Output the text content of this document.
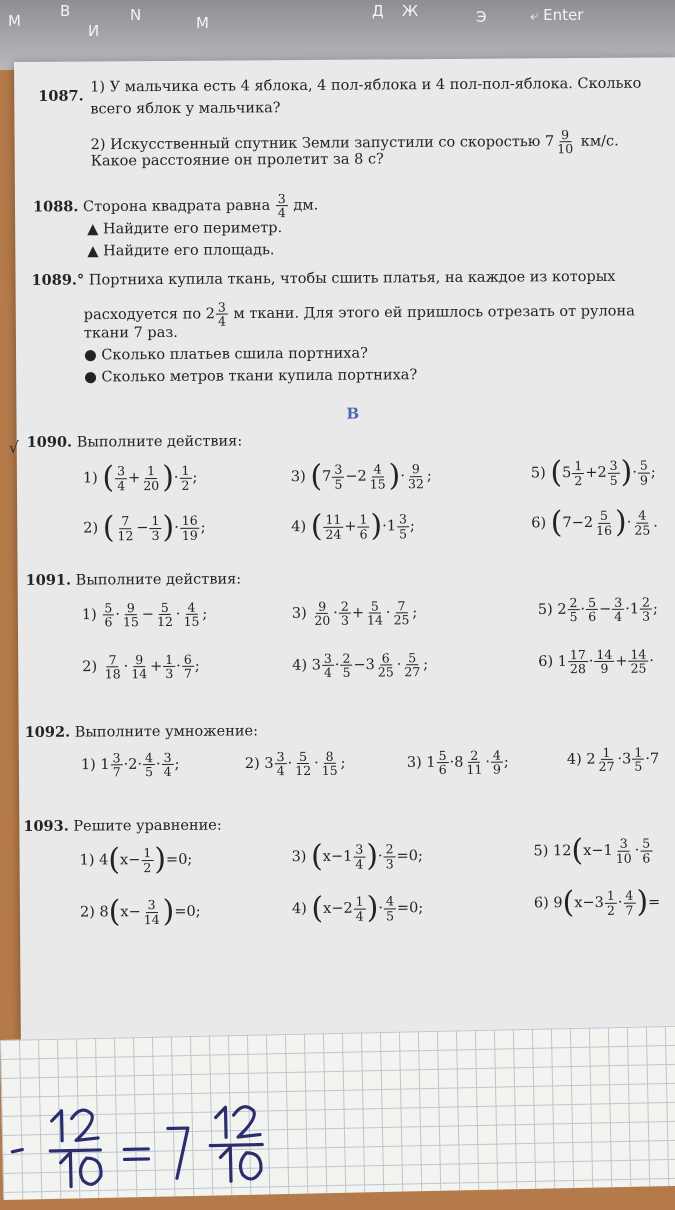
М
В
И
N	М
Д Ж	Э	⤶ Enter
1087.
1) У мальчика есть 4 яблока, 4 пол-яблока и 4 пол-пол-яблока. Сколько
всего яблок у мальчика?
2) Искусственный спутник Земли запустили со скоростью $7 \frac{9}{10} км/с$.
Какое расстояние он пролетит за 8 с?
1088. Сторона квадрата равна $\frac{3}{4}$ дм.
▲ Найдите его периметр.
▲ Найдите его площадь.
1089.° Портниха купила ткань, чтобы сшить платья, на каждое из которых
расходуется по $2 \frac{3}{4}$ м ткани. Для этого ей пришлось отрезать от рулона
ткани 7 раз.
● Сколько платьев сшила портниха?
● Сколько метров ткани купила портниха?
В
√ 1090. Выполните действия:
1) ( $\frac{3}{4} + \frac{1}{20}$ )· $\frac{1}{2}$ ;	3) ($7 \frac{3}{5} -2 \frac{4}{15}$ )· $\frac{9}{32}$ ;	5) ($5 \frac{1}{2} +2 \frac{3}{5}$ )· $\frac{5}{9}$ ;
2) ( $\frac{7}{12} - \frac{1}{3}$ )· $\frac{16}{19}$ ;	4) ( $\frac{11}{24} + \frac{1}{6} )\cdot 1 \frac{3}{5}$ ;	6) ($7-2 \frac{5}{16}$ )· $\frac{4}{25}$ .
1091. Выполните действия:
$1) \frac{5}{6} \cdot \frac{9}{15} - \frac{5}{12} \cdot \frac{4}{15}$ ;	$3) \frac{9}{20} \cdot \frac{2}{3} + \frac{5}{14} \cdot \frac{7}{25}$ ;	5) $2 \frac{2}{5} \cdot \frac{5}{6} - \frac{3}{4} \cdot 1 \frac{2}{3}$ ;
$2) \frac{7}{18} \cdot \frac{9}{14} + \frac{1}{3} \cdot \frac{6}{7}$ ;	4) $3 \frac{3}{4} \cdot \frac{2}{5} -3 \frac{6}{25} \cdot \frac{5}{27}$ ;	6) $1 \frac{17}{28} \cdot \frac{14}{9} + \frac{14}{25}$ ·
1092. Выполните умножение:
1) $1 \frac{3}{7} \cdot 2\cdot \frac{4}{5} \cdot \frac{3}{4}$ ;	2) $3 \frac{3}{4} \cdot \frac{5}{12} \cdot \frac{8}{15}$ ;	3) $1 \frac{5}{6} \cdot 8 \frac{2}{11} \cdot \frac{4}{9}$ ;	4) $2 \frac{1}{27} \cdot 3 \frac{1}{5} \cdot 7$
1093. Решите уравнение:
1) $4(x- \frac{1}{2} )=0$;	3) ($x-1 \frac{3}{4}$ )· $\frac{2}{3} =0$;	5) $12(x-1 \frac{3}{10} \cdot \frac{5}{6}$
2) $8(x- \frac{3}{14} )=0$;	4) ($x-2 \frac{1}{4}$ )· $\frac{4}{5} =0$;	6) $9(x-3 \frac{1}{2} \cdot \frac{4}{7}$ )=
